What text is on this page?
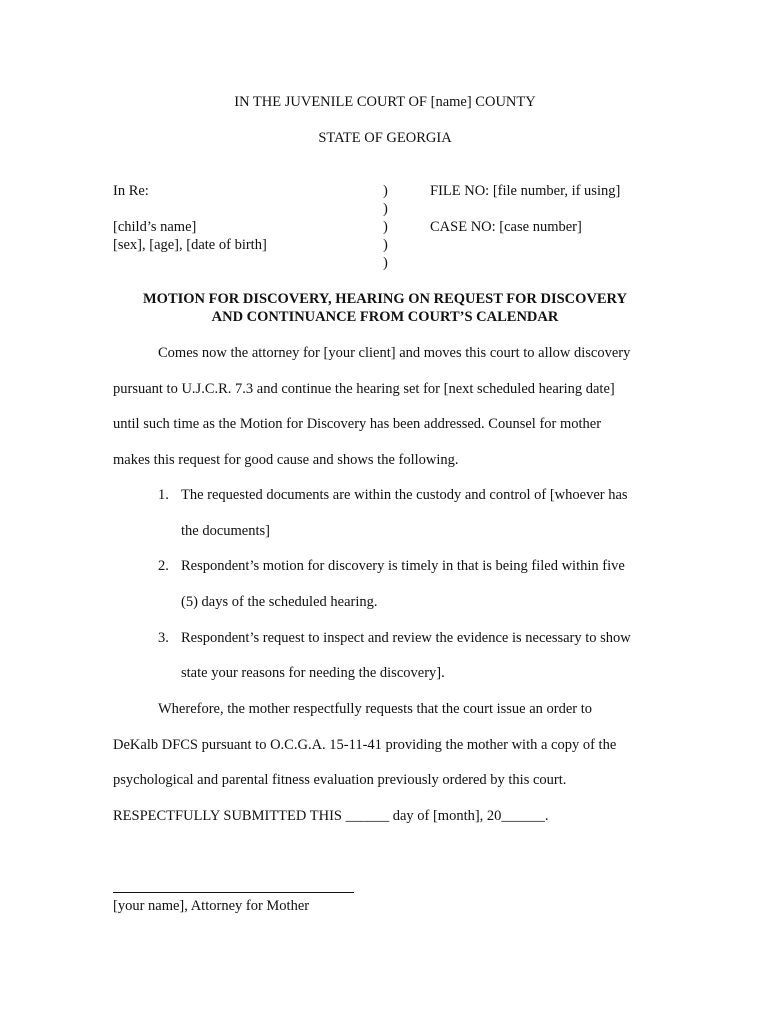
IN THE JUVENILE COURT OF [name] COUNTY
STATE OF GEORGIA
In Re:
[child’s name]
[sex], [age], [date of birth]
)
)
)
)
)
FILE NO: [file number, if using]
CASE NO: [case number]
MOTION FOR DISCOVERY, HEARING ON REQUEST FOR DISCOVERY
AND CONTINUANCE FROM COURT’S CALENDAR
Comes now the attorney for [your client] and moves this court to allow discovery
pursuant to U.J.C.R. 7.3 and continue the hearing set for [next scheduled hearing date]
until such time as the Motion for Discovery has been addressed. Counsel for mother
makes this request for good cause and shows the following.
1. The requested documents are within the custody and control of [whoever has
the documents]
2. Respondent’s motion for discovery is timely in that is being filed within five
(5) days of the scheduled hearing.
3. Respondent’s request to inspect and review the evidence is necessary to show
state your reasons for needing the discovery].
Wherefore, the mother respectfully requests that the court issue an order to
DeKalb DFCS pursuant to O.C.G.A. 15-11-41 providing the mother with a copy of the
psychological and parental fitness evaluation previously ordered by this court.
RESPECTFULLY SUBMITTED THIS ______ day of [month], 20______.
[your name], Attorney for Mother
